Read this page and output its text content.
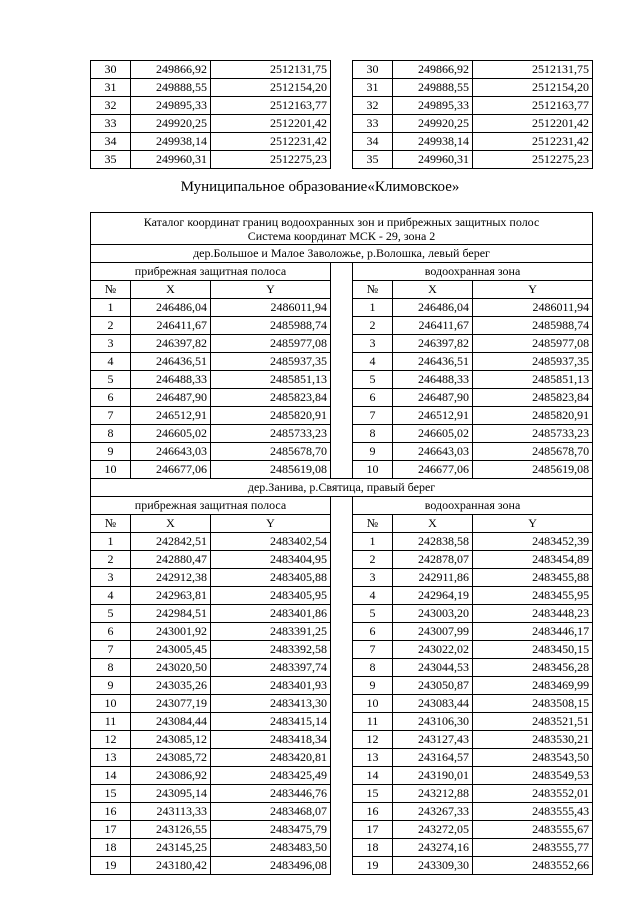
30	249866,92	2512131,75		30	249866,92	2512131,75
31	249888,55	2512154,20		31	249888,55	2512154,20
32	249895,33	2512163,77		32	249895,33	2512163,77
33	249920,25	2512201,42		33	249920,25	2512201,42
34	249938,14	2512231,42		34	249938,14	2512231,42
35	249960,31	2512275,23		35	249960,31	2512275,23
Муниципальное образование«Климовское»
Каталог координат границ водоохранных зон и прибрежных защитных полос
Система координат МСК - 29, зона 2						

дер.Большое и Малое Заволожье, р.Волошка, левый берег						
прибрежная защитная полоса				водоохранная зона		
№	X	Y		№	X	Y
1	246486,04	2486011,94		1	246486,04	2486011,94
2	246411,67	2485988,74		2	246411,67	2485988,74
3	246397,82	2485977,08		3	246397,82	2485977,08
4	246436,51	2485937,35		4	246436,51	2485937,35
5	246488,33	2485851,13		5	246488,33	2485851,13
6	246487,90	2485823,84		6	246487,90	2485823,84
7	246512,91	2485820,91		7	246512,91	2485820,91
8	246605,02	2485733,23		8	246605,02	2485733,23
9	246643,03	2485678,70		9	246643,03	2485678,70
10	246677,06	2485619,08		10	246677,06	2485619,08
дер.Занива, р.Святица, правый берег						
прибрежная защитная полоса				водоохранная зона		
№	X	Y		№	X	Y
1	242842,51	2483402,54		1	242838,58	2483452,39
2	242880,47	2483404,95		2	242878,07	2483454,89
3	242912,38	2483405,88		3	242911,86	2483455,88
4	242963,81	2483405,95		4	242964,19	2483455,95
5	242984,51	2483401,86		5	243003,20	2483448,23
6	243001,92	2483391,25		6	243007,99	2483446,17
7	243005,45	2483392,58		7	243022,02	2483450,15
8	243020,50	2483397,74		8	243044,53	2483456,28
9	243035,26	2483401,93		9	243050,87	2483469,99
10	243077,19	2483413,30		10	243083,44	2483508,15
11	243084,44	2483415,14		11	243106,30	2483521,51
12	243085,12	2483418,34		12	243127,43	2483530,21
13	243085,72	2483420,81		13	243164,57	2483543,50
14	243086,92	2483425,49		14	243190,01	2483549,53
15	243095,14	2483446,76		15	243212,88	2483552,01
16	243113,33	2483468,07		16	243267,33	2483555,43
17	243126,55	2483475,79		17	243272,05	2483555,67
18	243145,25	2483483,50		18	243274,16	2483555,77
19	243180,42	2483496,08		19	243309,30	2483552,66
